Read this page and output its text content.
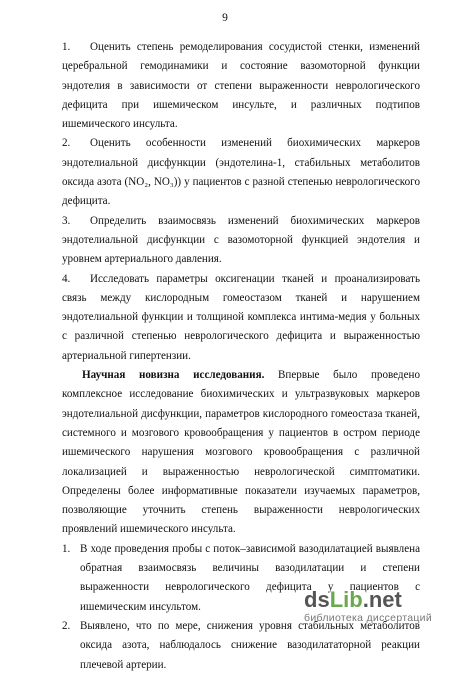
9

1. Оценить степень ремоделирования сосудистой стенки, изменений церебральной гемодинамики и состояние вазомоторной функции эндотелия в зависимости от степени выраженности неврологического дефицита при ишемическом инсульте, и различных подтипов ишемического инсульта.

2. Оценить особенности изменений биохимических маркеров эндотелиальной дисфункции (эндотелина-1, стабильных метаболитов оксида азота (NO₂, NO₃)) у пациентов с разной степенью неврологического дефицита.

3. Определить взаимосвязь изменений биохимических маркеров эндотелиальной дисфункции с вазомоторной функцией эндотелия и уровнем артериального давления.

4. Исследовать параметры оксигенации тканей и проанализировать связь между кислородным гомеостазом тканей и нарушением эндотелиальной функции и толщиной комплекса интима-медия у больных с различной степенью неврологического дефицита и выраженностью артериальной гипертензии.

Научная новизна исследования. Впервые было проведено комплексное исследование биохимических и ультразвуковых маркеров эндотелиальной дисфункции, параметров кислородного гомеостаза тканей, системного и мозгового кровообращения у пациентов в остром периоде ишемического нарушения мозгового кровообращения с различной локализацией и выраженностью неврологической симптоматики. Определены более информативные показатели изучаемых параметров, позволяющие уточнить степень выраженности неврологических проявлений ишемического инсульта.

1. В ходе проведения пробы с поток–зависимой вазодилатацией выявлена обратная взаимосвязь величины вазодилатации и степени выраженности неврологического дефицита у пациентов с ишемическим инсультом.
2. Выявлено, что по мере, снижения уровня стабильных метаболитов оксида азота, наблюдалось снижение вазодилататорной реакции плечевой артерии.
ds Lib .net
библиотека диссертаций
